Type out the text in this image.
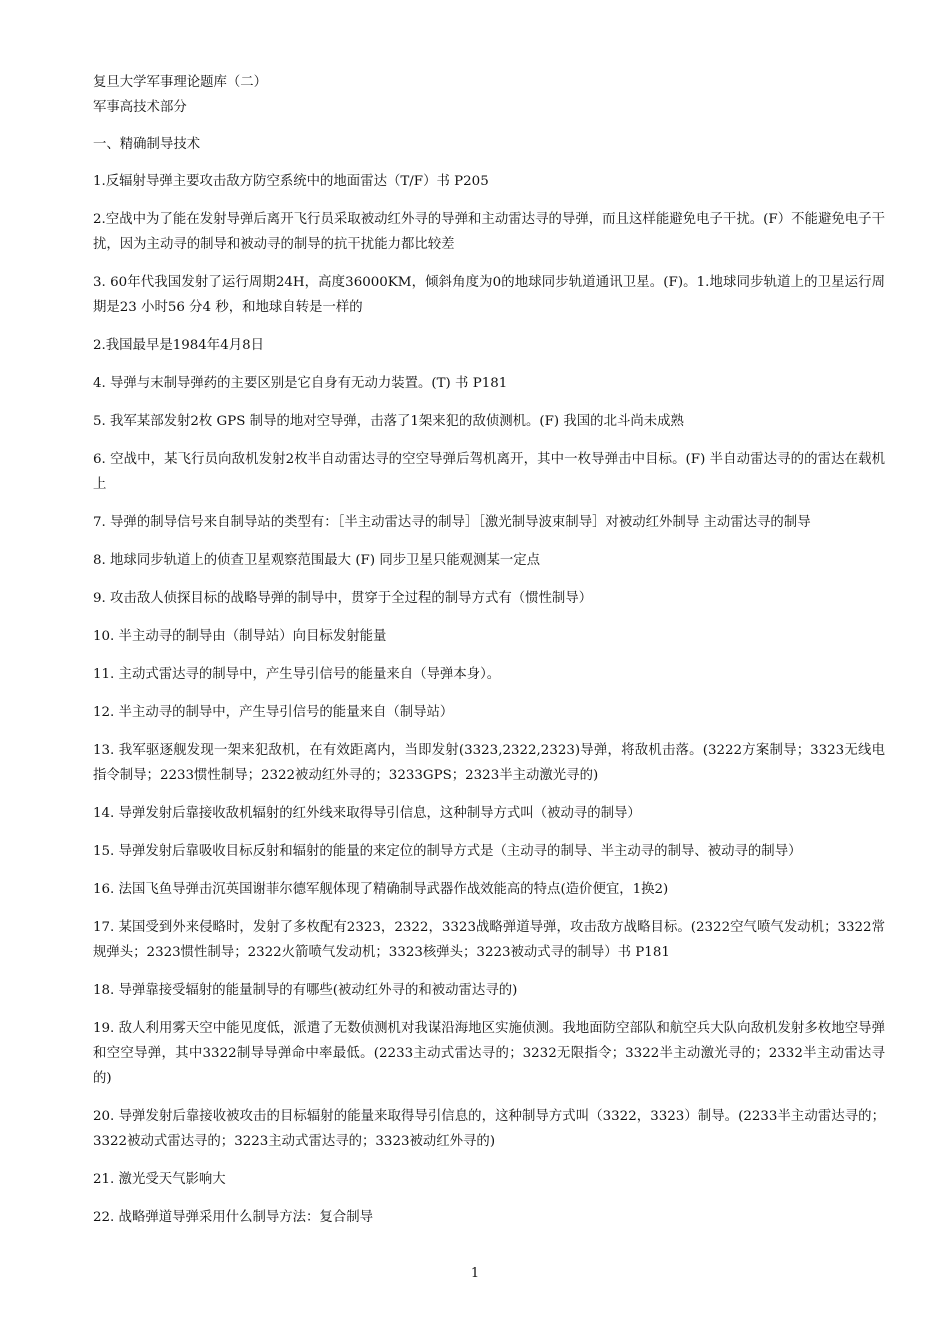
复旦大学军事理论题库（二）

军事高技术部分

一、精确制导技术

1.反辐射导弹主要攻击敌方防空系统中的地面雷达（T/F）书 P205

2.空战中为了能在发射导弹后离开飞行员采取被动红外寻的导弹和主动雷达寻的导弹，而且这样能避免电子干扰。(F）不能避免电子干扰，因为主动寻的制导和被动寻的制导的抗干扰能力都比较差

3. 60年代我国发射了运行周期24H，高度36000KM，倾斜角度为0的地球同步轨道通讯卫星。(F)。1.地球同步轨道上的卫星运行周期是23 小时56 分4 秒，和地球自转是一样的

2.我国最早是1984年4月8日

4. 导弹与末制导弹药的主要区别是它自身有无动力装置。(T) 书 P181

5. 我军某部发射2枚 GPS 制导的地对空导弹，击落了1架来犯的敌侦测机。(F) 我国的北斗尚未成熟

6. 空战中，某飞行员向敌机发射2枚半自动雷达寻的空空导弹后驾机离开，其中一枚导弹击中目标。(F) 半自动雷达寻的的雷达在载机上

7. 导弹的制导信号来自制导站的类型有：［半主动雷达寻的制导］［激光制导波束制导］对被动红外制导 主动雷达寻的制导

8. 地球同步轨道上的侦查卫星观察范围最大 (F) 同步卫星只能观测某一定点

9. 攻击敌人侦探目标的战略导弹的制导中，贯穿于全过程的制导方式有（惯性制导）

10. 半主动寻的制导由（制导站）向目标发射能量

11. 主动式雷达寻的制导中，产生导引信号的能量来自（导弹本身）。

12. 半主动寻的制导中，产生导引信号的能量来自（制导站）

13. 我军驱逐舰发现一架来犯敌机，在有效距离内，当即发射(3323,2322,2323)导弹，将敌机击落。(3222方案制导；3323无线电指令制导；2233惯性制导；2322被动红外寻的；3233GPS；2323半主动激光寻的)

14. 导弹发射后靠接收敌机辐射的红外线来取得导引信息，这种制导方式叫（被动寻的制导）

15. 导弹发射后靠吸收目标反射和辐射的能量的来定位的制导方式是（主动寻的制导、半主动寻的制导、被动寻的制导）

16. 法国飞鱼导弹击沉英国谢菲尔德军舰体现了精确制导武器作战效能高的特点(造价便宜，1换2)

17. 某国受到外来侵略时，发射了多枚配有2323，2322，3323战略弹道导弹，攻击敌方战略目标。(2322空气喷气发动机；3322常规弹头；2323惯性制导；2322火箭喷气发动机；3323核弹头；3223被动式寻的制导）书 P181

18. 导弹靠接受辐射的能量制导的有哪些(被动红外寻的和被动雷达寻的)

19. 敌人利用雾天空中能见度低，派遣了无数侦测机对我谋沿海地区实施侦测。我地面防空部队和航空兵大队向敌机发射多枚地空导弹和空空导弹，其中3322制导导弹命中率最低。(2233主动式雷达寻的；3232无限指令；3322半主动激光寻的；2332半主动雷达寻的)

20. 导弹发射后靠接收被攻击的目标辐射的能量来取得导引信息的，这种制导方式叫（3322，3323）制导。(2233半主动雷达寻的；3322被动式雷达寻的；3223主动式雷达寻的；3323被动红外寻的)

21. 激光受天气影响大

22. 战略弹道导弹采用什么制导方法：复合制导

1
